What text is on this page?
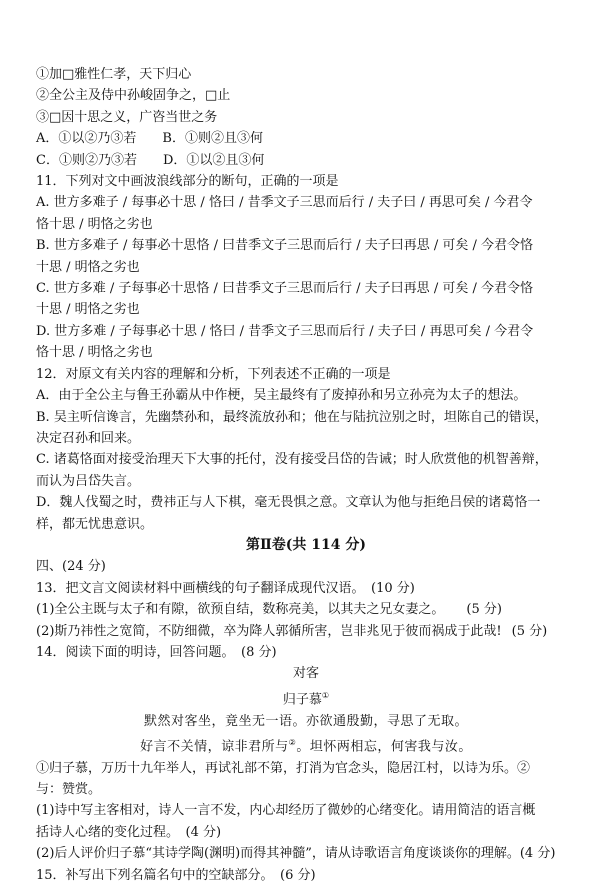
①加□雅性仁孝，天下归心
②全公主及侍中孙峻固争之，□止
③□因十思之义，广咨当世之务
A．①以②乃③若　　B．①则②且③何
C．①则②乃③若　　D．①以②且③何
11．下列对文中画波浪线部分的断句，正确的一项是
A. 世方多难子 / 每事必十思 / 恪曰 / 昔季文子三思而后行 / 夫子曰 / 再思可矣 / 今君令
恪十思 / 明恪之劣也
B. 世方多难子 / 每事必十思恪 / 曰昔季文子三思而后行 / 夫子曰再思 / 可矣 / 今君令恪
十思 / 明恪之劣也
C. 世方多难 / 子每事必十思恪 / 曰昔季文子三思而后行 / 夫子曰再思 / 可矣 / 今君令恪
十思 / 明恪之劣也
D. 世方多难 / 子每事必十思 / 恪曰 / 昔季文子三思而后行 / 夫子曰 / 再思可矣 / 今君令
恪十思 / 明恪之劣也
12．对原文有关内容的理解和分析，下列表述不正确的一项是
A．由于全公主与鲁王孙霸从中作梗，吴主最终有了废掉孙和另立孙亮为太子的想法。
B. 吴主听信谗言，先幽禁孙和，最终流放孙和；他在与陆抗泣别之时，坦陈自己的错误，
决定召孙和回来。
C. 诸葛恪面对接受治理天下大事的托付，没有接受吕岱的告诫；时人欣赏他的机智善辩，
而认为吕岱失言。
D．魏人伐蜀之时，费祎正与人下棋，毫无畏惧之意。文章认为他与拒绝吕侯的诸葛恪一
样，都无忧患意识。
第Ⅱ卷(共 114 分)
四、(24 分)
13．把文言文阅读材料中画横线的句子翻译成现代汉语。　(10 分)
(1)全公主既与太子和有隙，欲预自结，数称亮美，以其夫之兄女妻之。 (5 分)
(2)斯乃祎性之宽简，不防细微，卒为降人郭循所害，岂非兆见于彼而祸成于此哉! (5 分)
14．阅读下面的明诗，回答问题。　(8 分)
对客
归子慕①
默然对客坐，竟坐无一语。亦欲通殷勤，寻思了无取。
好言不关情，谅非君所与②。坦怀两相忘，何害我与汝。
①归子慕，万历十九年举人，再试礼部不第，打消为官念头，隐居江村，以诗为乐。②
与：赞赏。
(1)诗中写主客相对，诗人一言不发，内心却经历了微妙的心绪变化。请用简洁的语言概
括诗人心绪的变化过程。　(4 分)
(2)后人评价归子慕“其诗学陶(渊明)而得其神髓”，请从诗歌语言角度谈谈你的理解。(4 分)
15．补写出下列名篇名句中的空缺部分。　(6 分)
